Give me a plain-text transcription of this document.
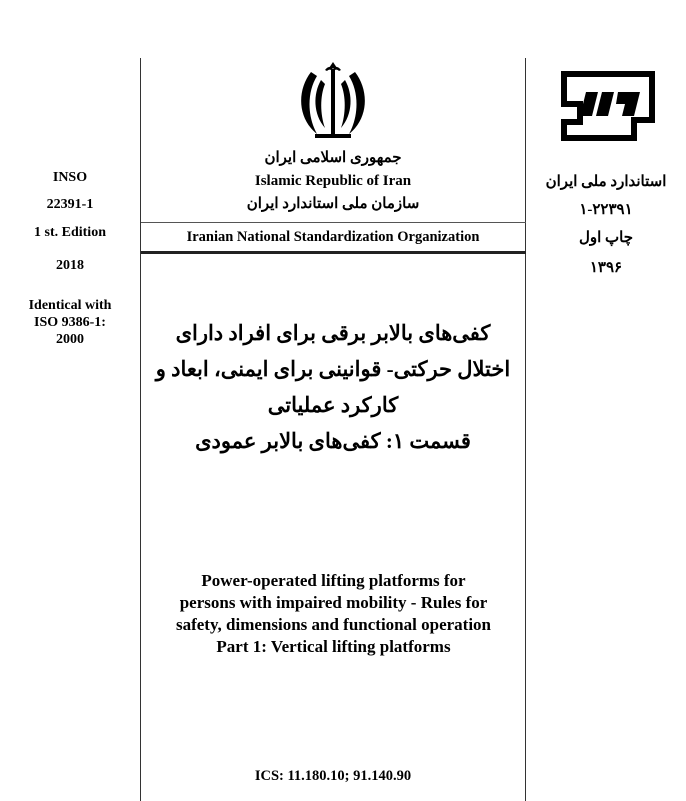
INSO
22391-1
1 st. Edition
2018
Identical with
ISO 9386-1:
2000
استاندارد ملی ایران
۱-۲۲۳۹۱
چاپ اول
۱۳۹۶
جمهوری اسلامی ایران
Islamic Republic of Iran
سازمان ملی استاندارد ایران
Iranian National Standardization Organization
کفی‌های بالابر برقی برای افراد دارای
اختلال حرکتی- قوانینی برای ایمنی، ابعاد و
کارکرد عملیاتی
قسمت ۱: کفی‌های بالابر عمودی
Power-operated lifting platforms for
persons with impaired mobility - Rules for
safety, dimensions and functional operation
Part 1: Vertical lifting platforms
ICS: 11.180.10; 91.140.90
